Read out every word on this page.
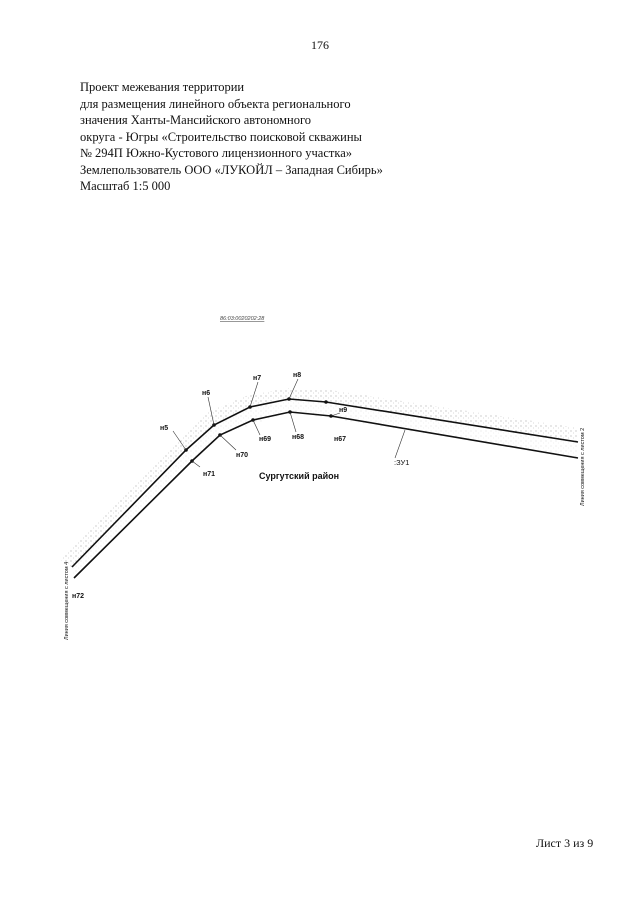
176
Проект межевания территории
для размещения линейного объекта регионального
значения Ханты-Мансийского автономного
округа - Югры «Строительство поисковой скважины
№ 294П Южно-Кустового лицензионного участка»
Землепользователь ООО «ЛУКОЙЛ – Западная Сибирь»
Масштаб 1:5 000
н5
н6
н7	н8
н9
н72
н71
н70
н69	н68	н67
86:03:0020202:28
Сургутский район
:ЗУ1
Линия совмещения с листом 4
Линия совмещения с листом 2
Лист 3 из 9
